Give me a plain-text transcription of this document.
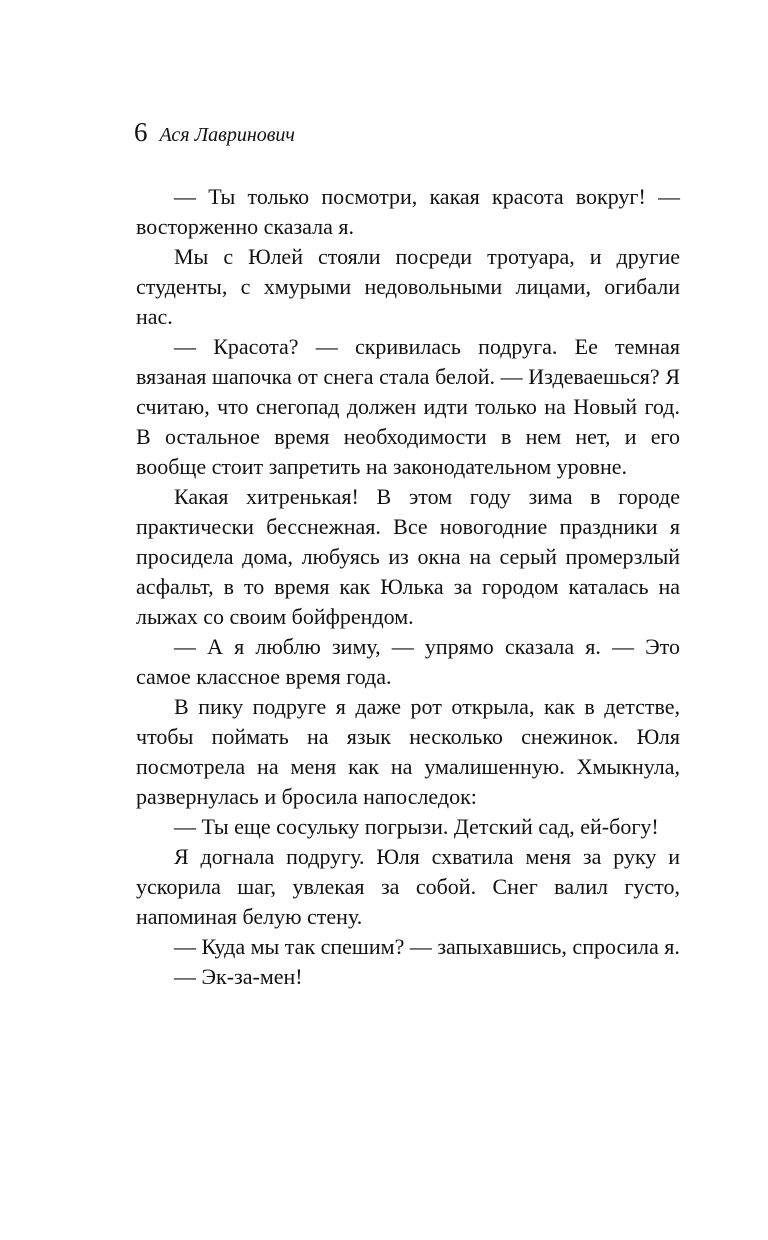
6 Ася Лавринович

— Ты только посмотри, какая красота вокруг! — восторженно сказала я.

Мы с Юлей стояли посреди тротуара, и другие студенты, с хмурыми недовольными лицами, огибали нас.

— Красота? — скривилась подруга. Ее темная вязаная шапочка от снега стала белой. — Издеваешься? Я считаю, что снегопад должен идти только на Новый год. В остальное время необходимости в нем нет, и его вообще стоит запретить на законодательном уровне.

Какая хитренькая! В этом году зима в городе практически бесснежная. Все новогодние праздники я просидела дома, любуясь из окна на серый промерзлый асфальт, в то время как Юлька за городом каталась на лыжах со своим бойфрендом.

— А я люблю зиму, — упрямо сказала я. — Это самое классное время года.

В пику подруге я даже рот открыла, как в детстве, чтобы поймать на язык несколько снежинок. Юля посмотрела на меня как на умалишенную. Хмыкнула, развернулась и бросила напоследок:

— Ты еще сосульку погрызи. Детский сад, ей-богу!

Я догнала подругу. Юля схватила меня за руку и ускорила шаг, увлекая за собой. Снег валил густо, напоминая белую стену.

— Куда мы так спешим? — запыхавшись, спросила я.

— Эк-за-мен!
